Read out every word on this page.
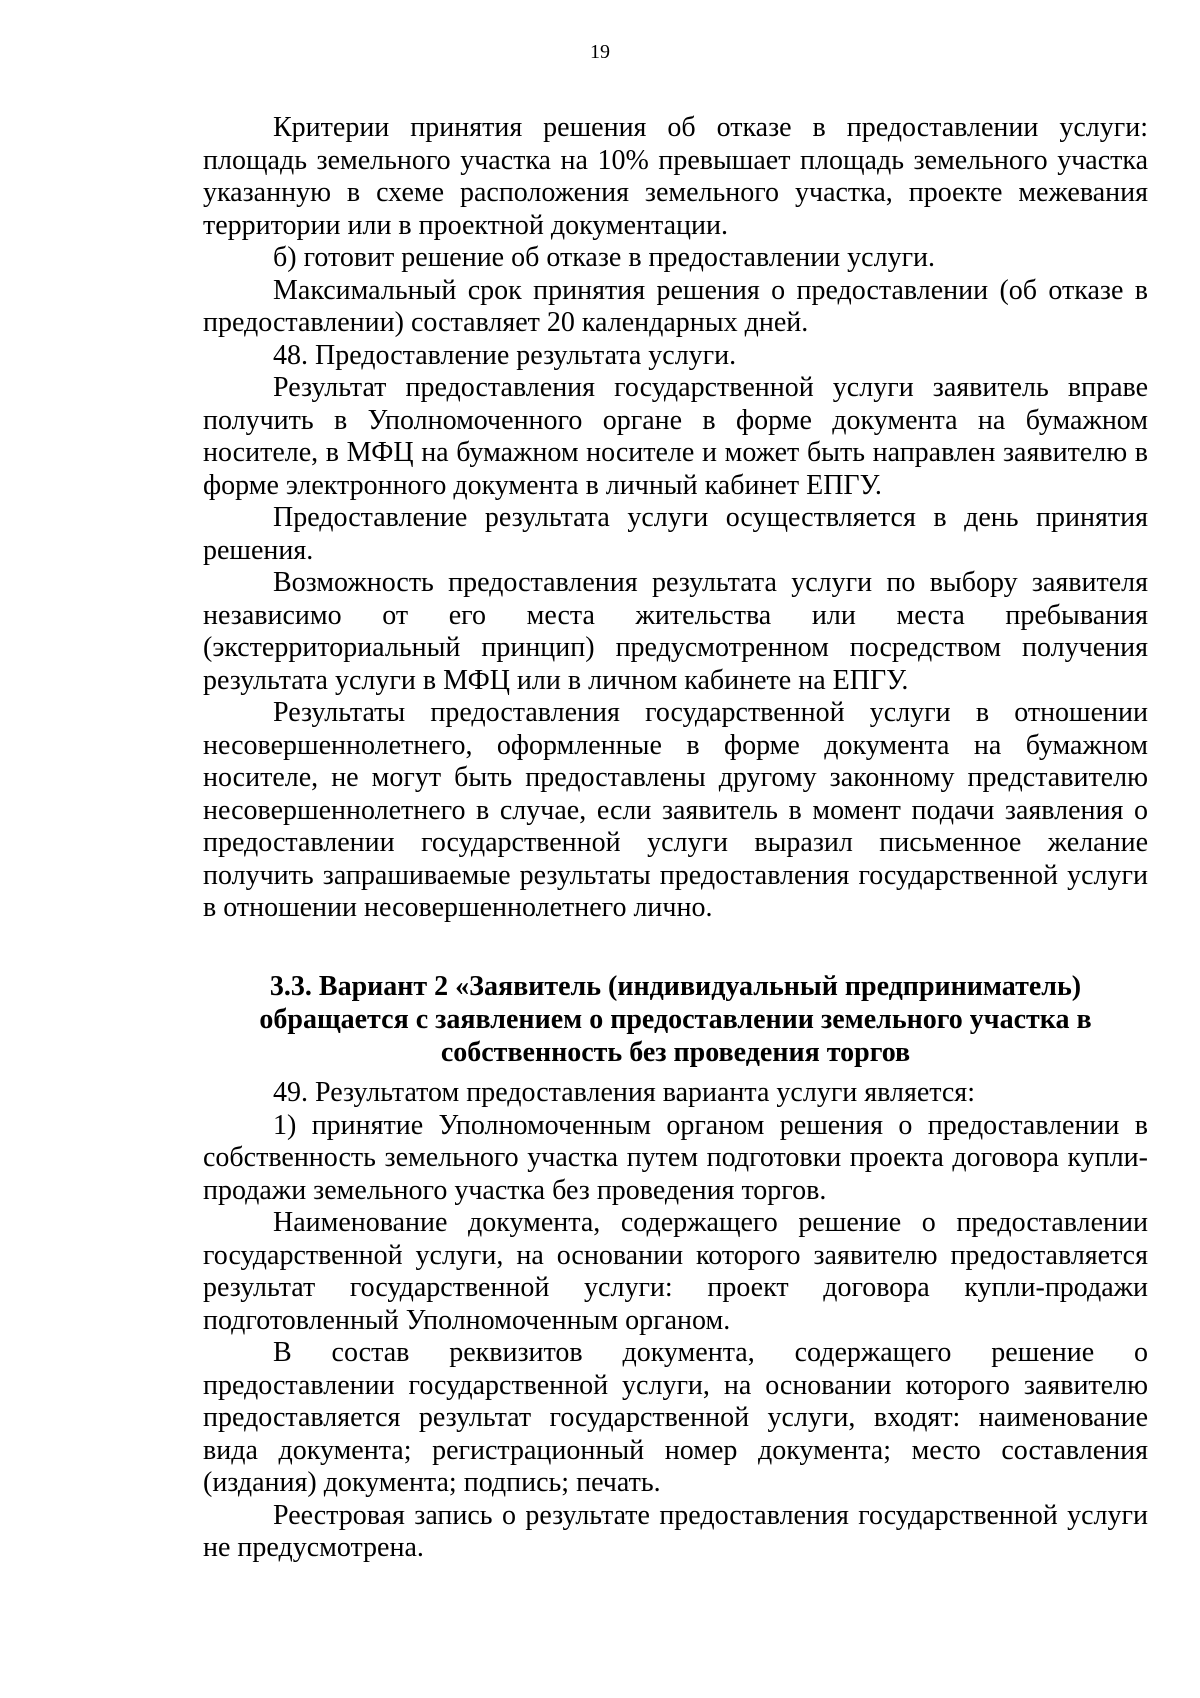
19

Критерии принятия решения об отказе в предоставлении услуги: площадь земельного участка на 10% превышает площадь земельного участка указанную в схеме расположения земельного участка, проекте межевания территории или в проектной документации.

б) готовит решение об отказе в предоставлении услуги.

Максимальный срок принятия решения о предоставлении (об отказе в предоставлении) составляет 20 календарных дней.

48. Предоставление результата услуги.

Результат предоставления государственной услуги заявитель вправе получить в Уполномоченного органе в форме документа на бумажном носителе, в МФЦ на бумажном носителе и может быть направлен заявителю в форме электронного документа в личный кабинет ЕПГУ.

Предоставление результата услуги осуществляется в день принятия решения.

Возможность предоставления результата услуги по выбору заявителя независимо от его места жительства или места пребывания (экстерриториальный принцип) предусмотренном посредством получения результата услуги в МФЦ или в личном кабинете на ЕПГУ.

Результаты предоставления государственной услуги в отношении несовершеннолетнего, оформленные в форме документа на бумажном носителе, не могут быть предоставлены другому законному представителю несовершеннолетнего в случае, если заявитель в момент подачи заявления о предоставлении государственной услуги выразил письменное желание получить запрашиваемые результаты предоставления государственной услуги в отношении несовершеннолетнего лично.

3.3. Вариант 2 «Заявитель (индивидуальный предприниматель) обращается с заявлением о предоставлении земельного участка в собственность без проведения торгов

49. Результатом предоставления варианта услуги является:

1) принятие Уполномоченным органом решения о предоставлении в собственность земельного участка путем подготовки проекта договора купли-продажи земельного участка без проведения торгов.

Наименование документа, содержащего решение о предоставлении государственной услуги, на основании которого заявителю предоставляется результат государственной услуги: проект договора купли-продажи подготовленный Уполномоченным органом.

В состав реквизитов документа, содержащего решение о предоставлении государственной услуги, на основании которого заявителю предоставляется результат государственной услуги, входят: наименование вида документа; регистрационный номер документа; место составления (издания) документа; подпись; печать.

Реестровая запись о результате предоставления государственной услуги не предусмотрена.
